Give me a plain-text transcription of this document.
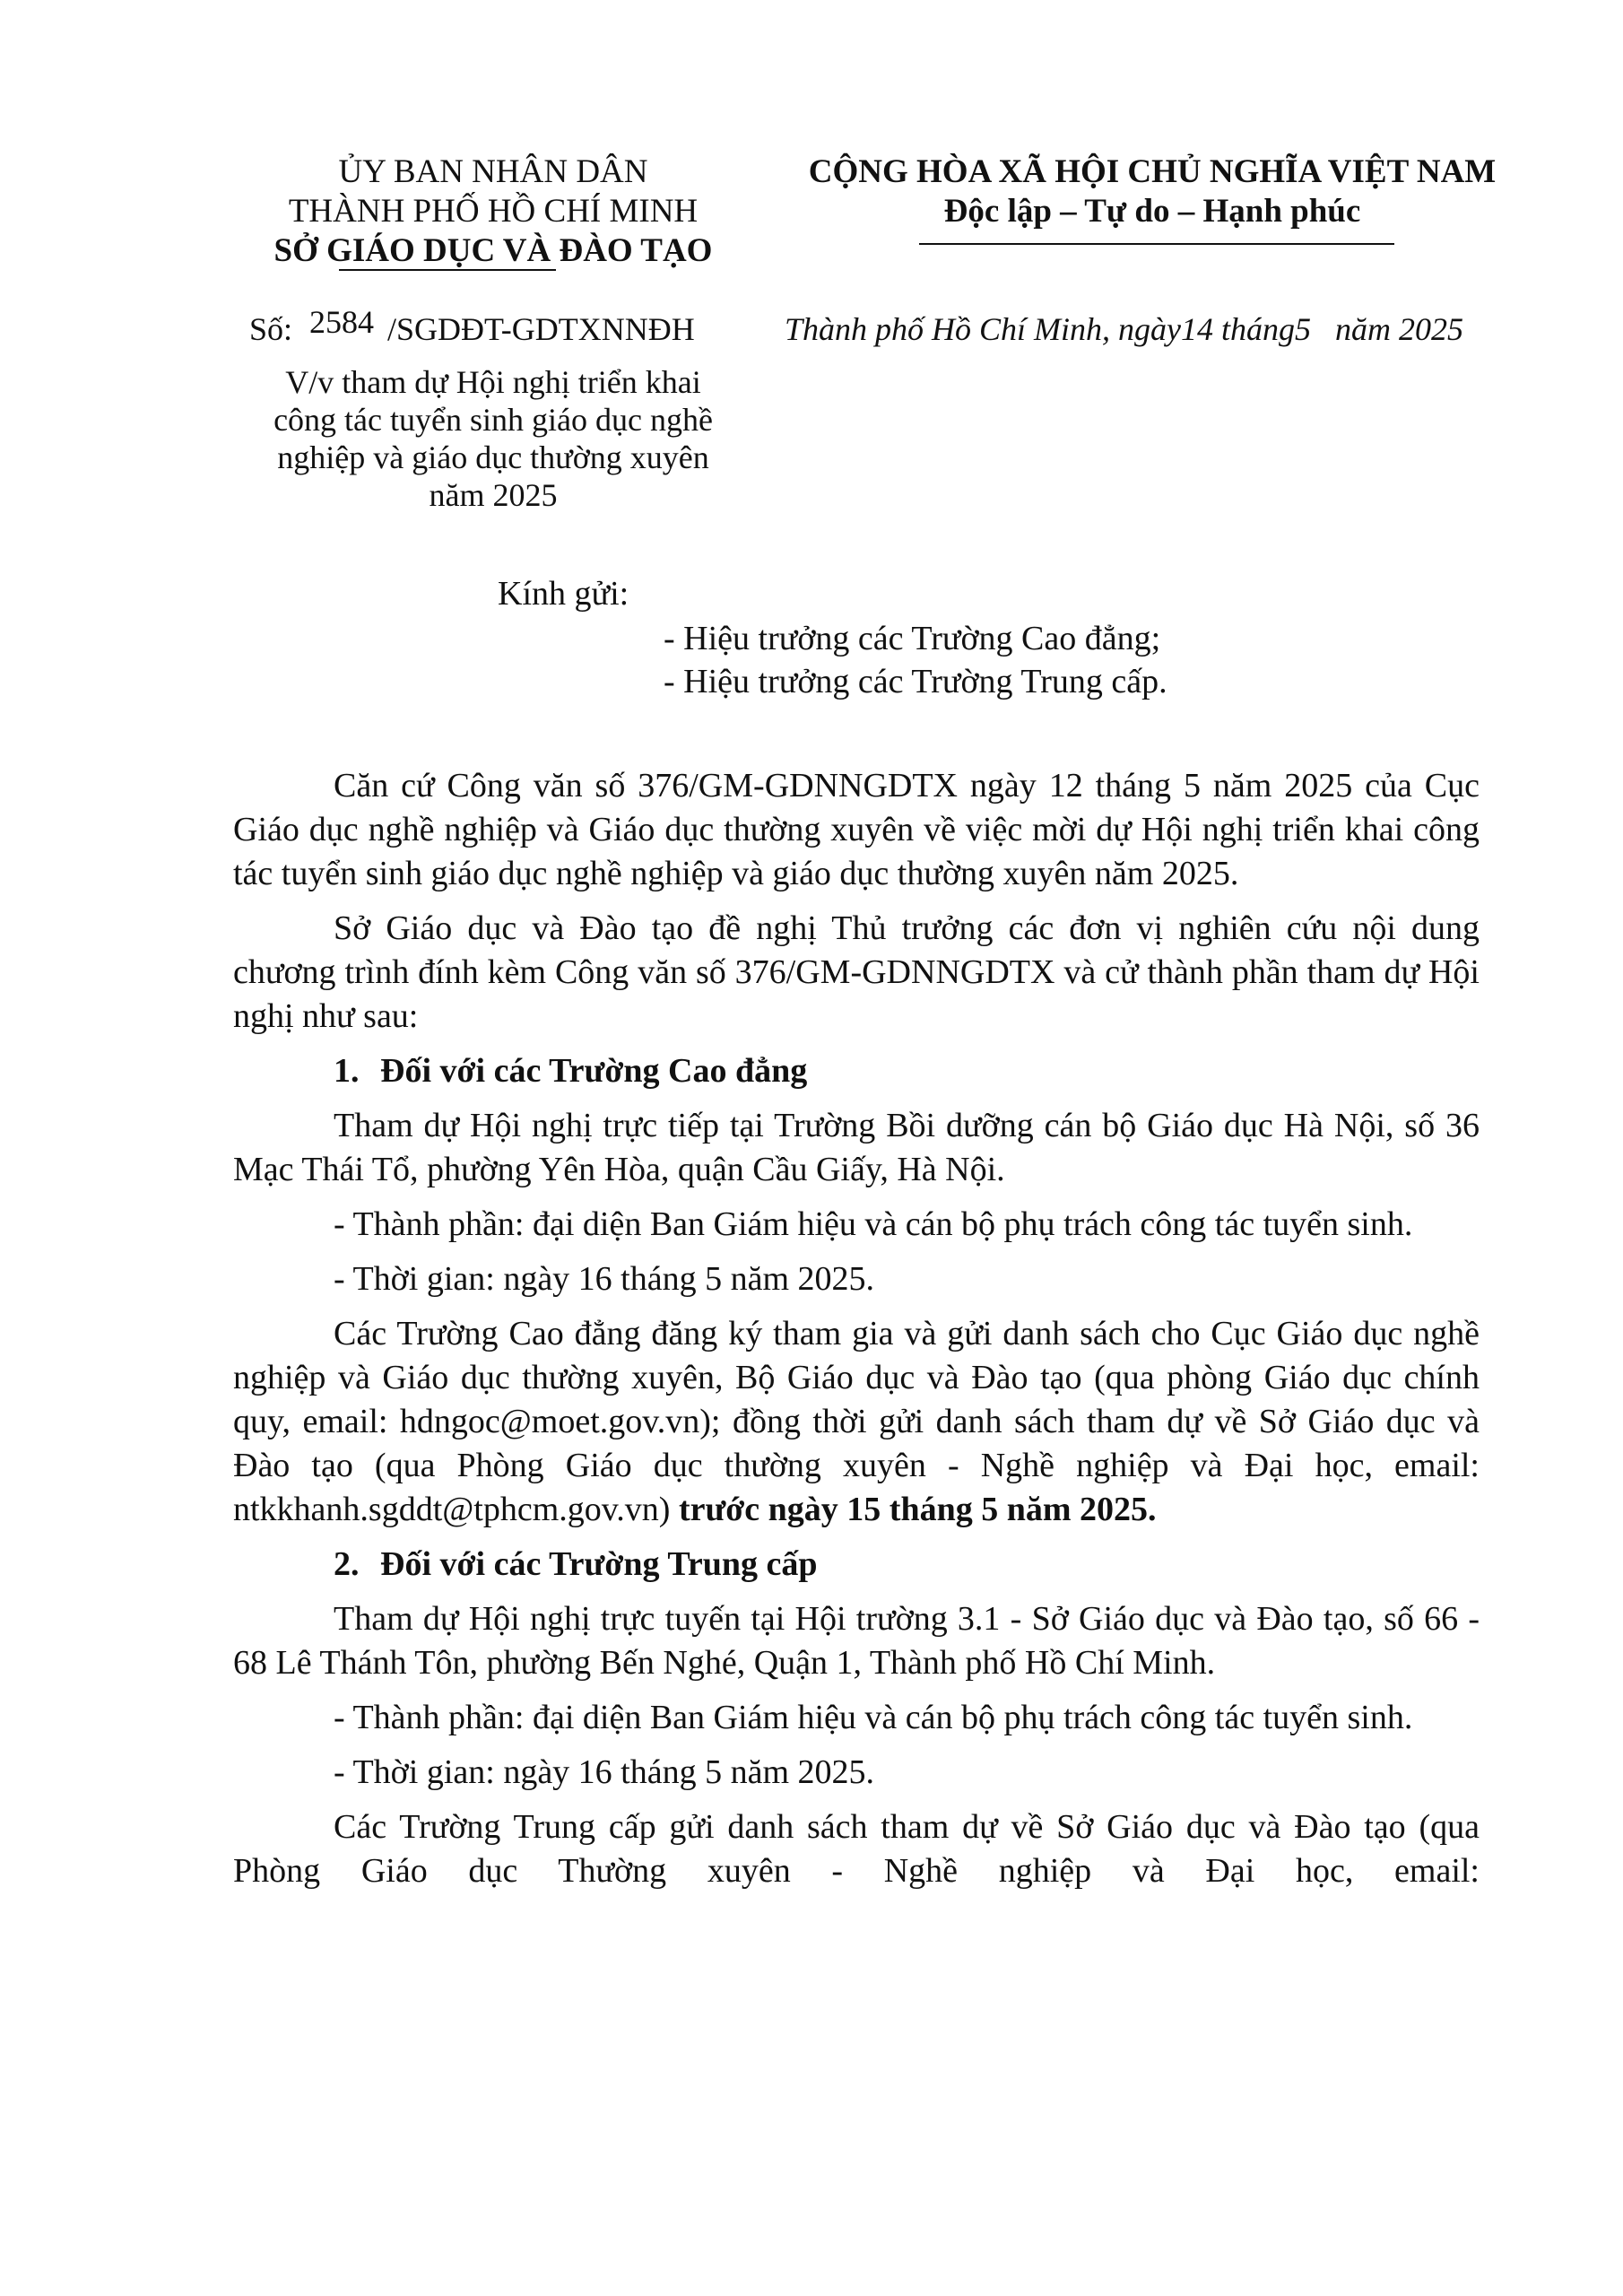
ỦY BAN NHÂN DÂN
THÀNH PHỐ HỒ CHÍ MINH
SỞ GIÁO DỤC VÀ ĐÀO TẠO
CỘNG HÒA XÃ HỘI CHỦ NGHĨA VIỆT NAM
Độc lập – Tự do – Hạnh phúc
Số: 2584 /SGDĐT-GDTXNNĐH	Thành phố Hồ Chí Minh, ngày14 tháng5 năm 2025
V/v tham dự Hội nghị triển khai
công tác tuyển sinh giáo dục nghề
nghiệp và giáo dục thường xuyên
năm 2025
Kính gửi:
- Hiệu trưởng các Trường Cao đẳng;
- Hiệu trưởng các Trường Trung cấp.

Căn cứ Công văn số 376/GM-GDNNGDTX ngày 12 tháng 5 năm 2025 của Cục Giáo dục nghề nghiệp và Giáo dục thường xuyên về việc mời dự Hội nghị triển khai công tác tuyển sinh giáo dục nghề nghiệp và giáo dục thường xuyên năm 2025.

Sở Giáo dục và Đào tạo đề nghị Thủ trưởng các đơn vị nghiên cứu nội dung chương trình đính kèm Công văn số 376/GM-GDNNGDTX và cử thành phần tham dự Hội nghị như sau:

1. Đối với các Trường Cao đẳng

Tham dự Hội nghị trực tiếp tại Trường Bồi dưỡng cán bộ Giáo dục Hà Nội, số 36 Mạc Thái Tổ, phường Yên Hòa, quận Cầu Giấy, Hà Nội.

- Thành phần: đại diện Ban Giám hiệu và cán bộ phụ trách công tác tuyển sinh.

- Thời gian: ngày 16 tháng 5 năm 2025.

Các Trường Cao đẳng đăng ký tham gia và gửi danh sách cho Cục Giáo dục nghề nghiệp và Giáo dục thường xuyên, Bộ Giáo dục và Đào tạo (qua phòng Giáo dục chính quy, email: hdngoc@moet.gov.vn); đồng thời gửi danh sách tham dự về Sở Giáo dục và Đào tạo (qua Phòng Giáo dục thường xuyên - Nghề nghiệp và Đại học, email: ntkkhanh.sgddt@tphcm.gov.vn) trước ngày 15 tháng 5 năm 2025.

2. Đối với các Trường Trung cấp

Tham dự Hội nghị trực tuyến tại Hội trường 3.1 - Sở Giáo dục và Đào tạo, số 66 - 68 Lê Thánh Tôn, phường Bến Nghé, Quận 1, Thành phố Hồ Chí Minh.

- Thành phần: đại diện Ban Giám hiệu và cán bộ phụ trách công tác tuyển sinh.

- Thời gian: ngày 16 tháng 5 năm 2025.

Các Trường Trung cấp gửi danh sách tham dự về Sở Giáo dục và Đào tạo (qua Phòng Giáo dục Thường xuyên - Nghề nghiệp và Đại học, email:
